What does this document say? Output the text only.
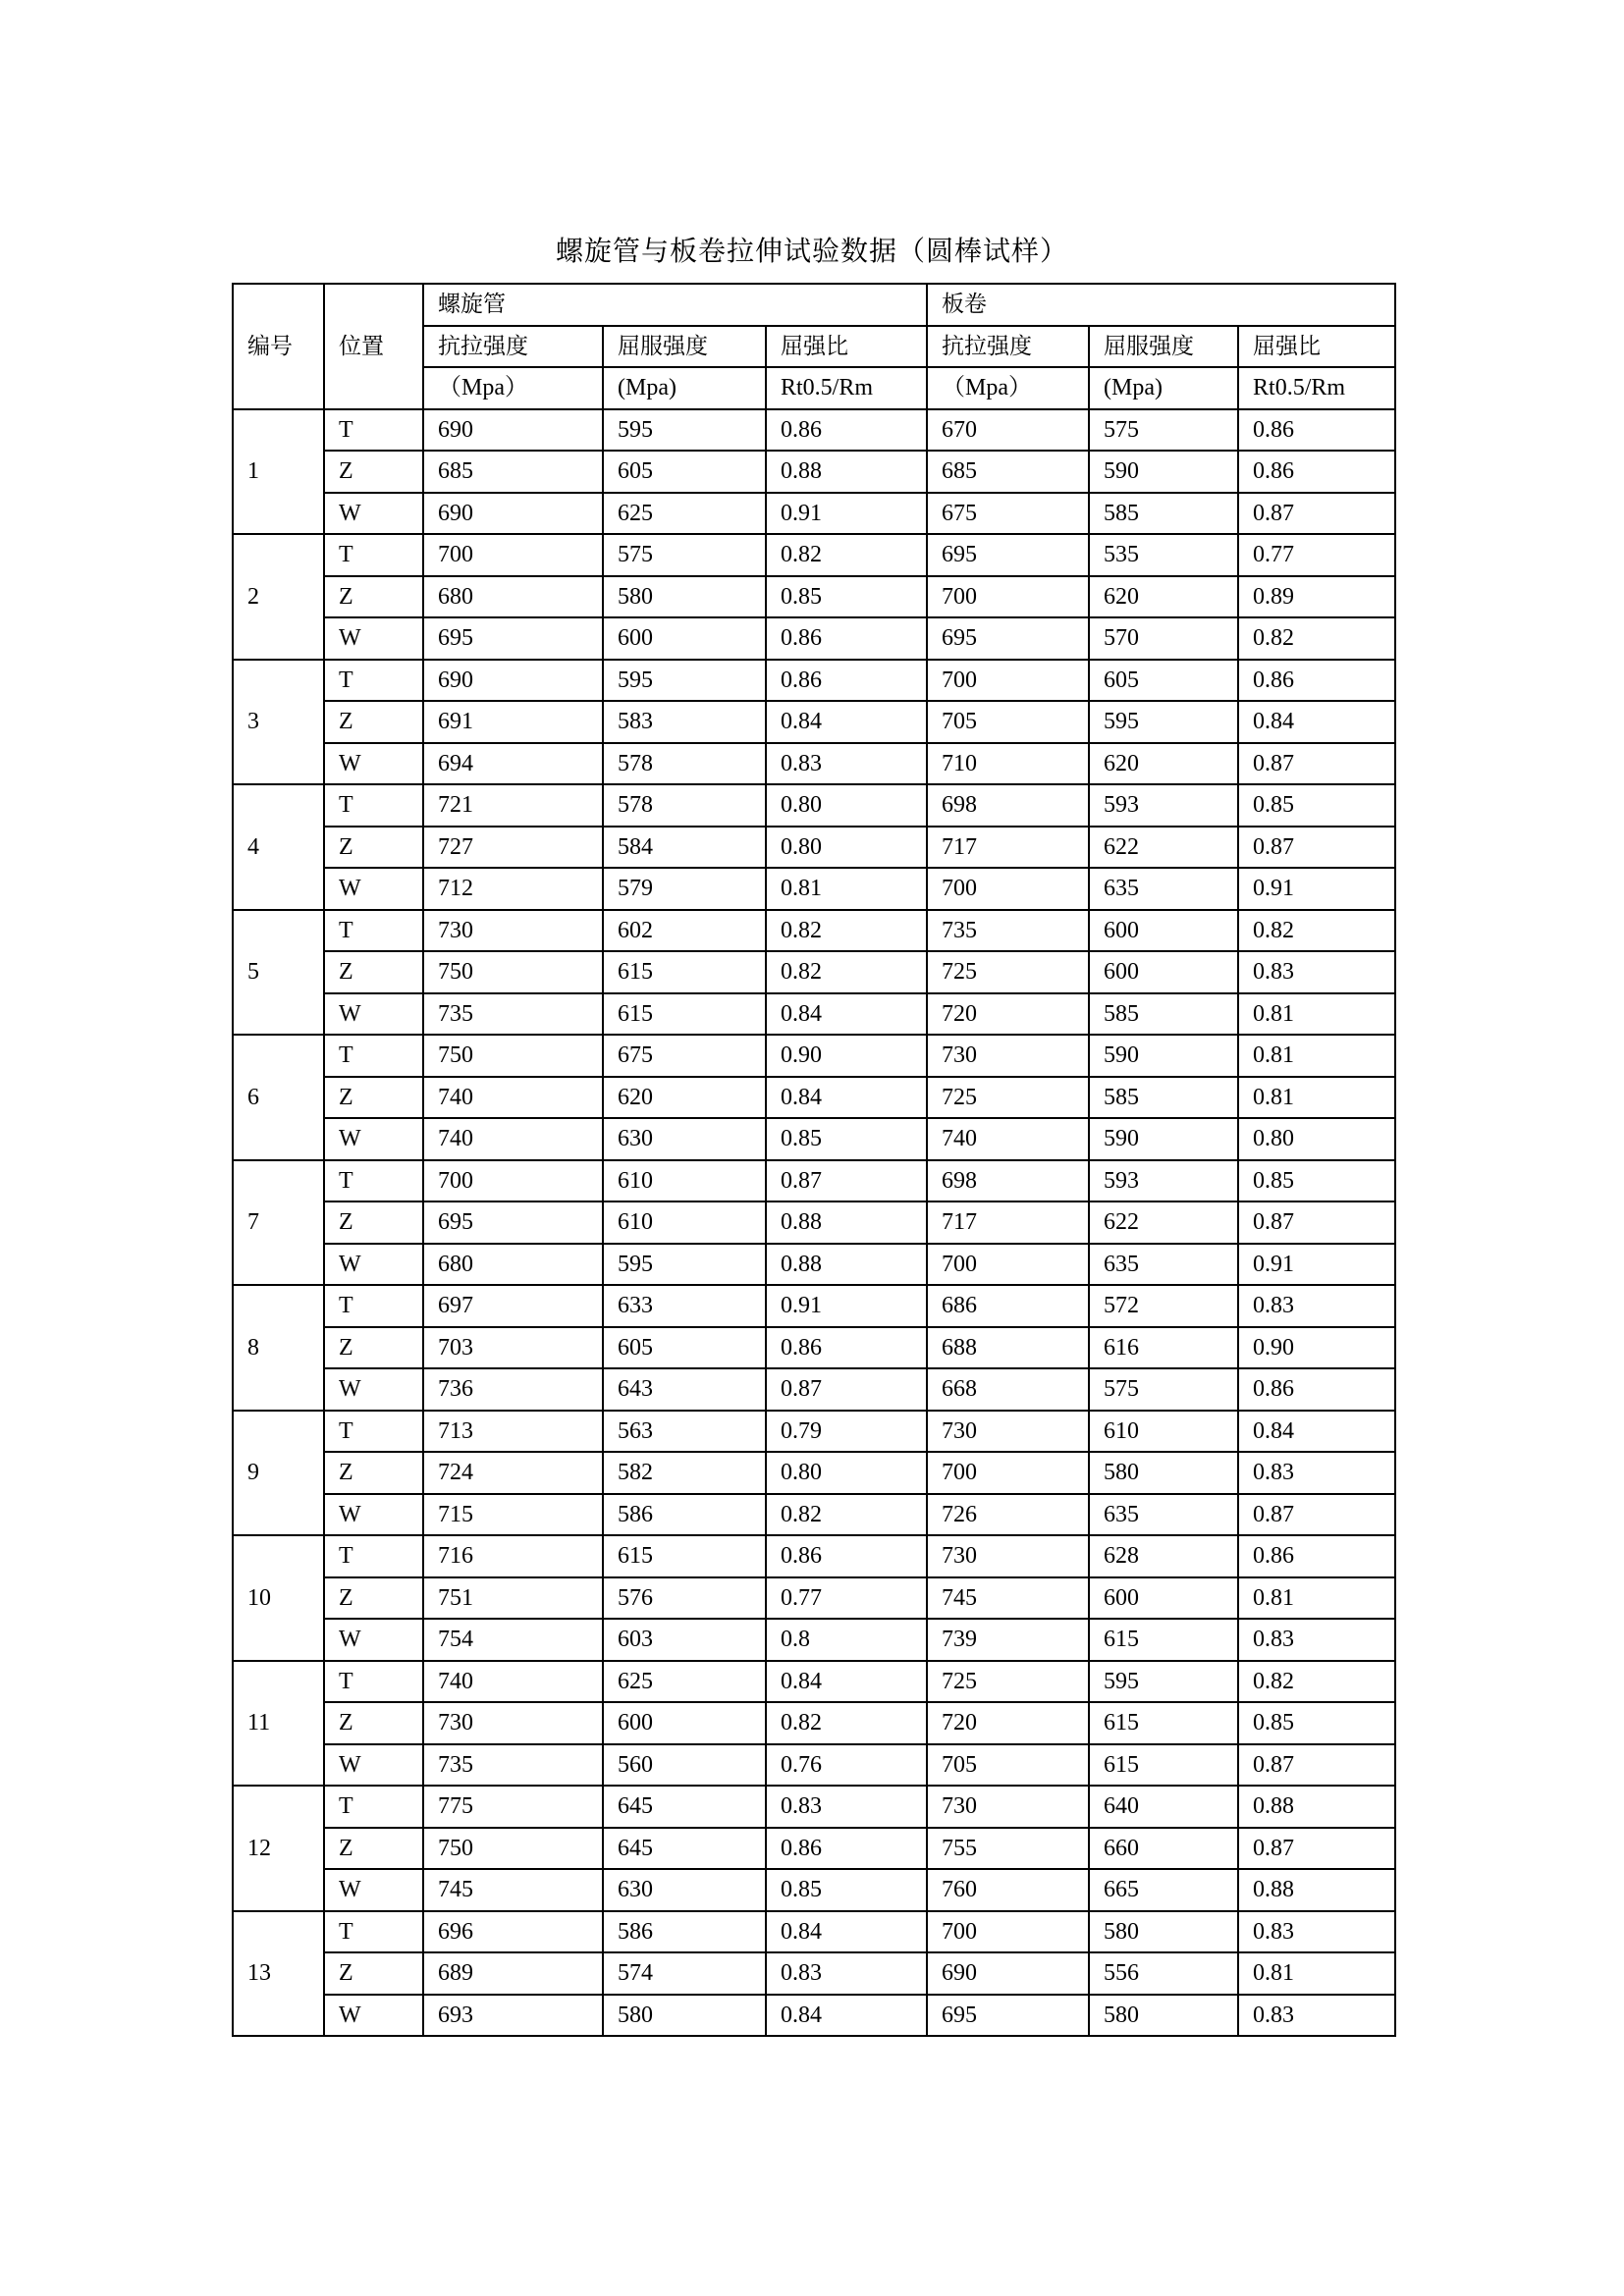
螺旋管与板卷拉伸试验数据（圆棒试样）
编号	位置	螺旋管			板卷		
		抗拉强度	屈服强度	屈强比	抗拉强度	屈服强度	屈强比
		（Mpa）	(Mpa)	Rt0.5/Rm	（Mpa）	(Mpa)	Rt0.5/Rm
1	T	690	595	0.86	670	575	0.86
	Z	685	605	0.88	685	590	0.86
	W	690	625	0.91	675	585	0.87
2	T	700	575	0.82	695	535	0.77
	Z	680	580	0.85	700	620	0.89
	W	695	600	0.86	695	570	0.82
3	T	690	595	0.86	700	605	0.86
	Z	691	583	0.84	705	595	0.84
	W	694	578	0.83	710	620	0.87
4	T	721	578	0.80	698	593	0.85
	Z	727	584	0.80	717	622	0.87
	W	712	579	0.81	700	635	0.91
5	T	730	602	0.82	735	600	0.82
	Z	750	615	0.82	725	600	0.83
	W	735	615	0.84	720	585	0.81
6	T	750	675	0.90	730	590	0.81
	Z	740	620	0.84	725	585	0.81
	W	740	630	0.85	740	590	0.80
7	T	700	610	0.87	698	593	0.85
	Z	695	610	0.88	717	622	0.87
	W	680	595	0.88	700	635	0.91
8	T	697	633	0.91	686	572	0.83
	Z	703	605	0.86	688	616	0.90
	W	736	643	0.87	668	575	0.86
9	T	713	563	0.79	730	610	0.84
	Z	724	582	0.80	700	580	0.83
	W	715	586	0.82	726	635	0.87
10	T	716	615	0.86	730	628	0.86
	Z	751	576	0.77	745	600	0.81
	W	754	603	0.8	739	615	0.83
11	T	740	625	0.84	725	595	0.82
	Z	730	600	0.82	720	615	0.85
	W	735	560	0.76	705	615	0.87
12	T	775	645	0.83	730	640	0.88
	Z	750	645	0.86	755	660	0.87
	W	745	630	0.85	760	665	0.88
13	T	696	586	0.84	700	580	0.83
	Z	689	574	0.83	690	556	0.81
	W	693	580	0.84	695	580	0.83
